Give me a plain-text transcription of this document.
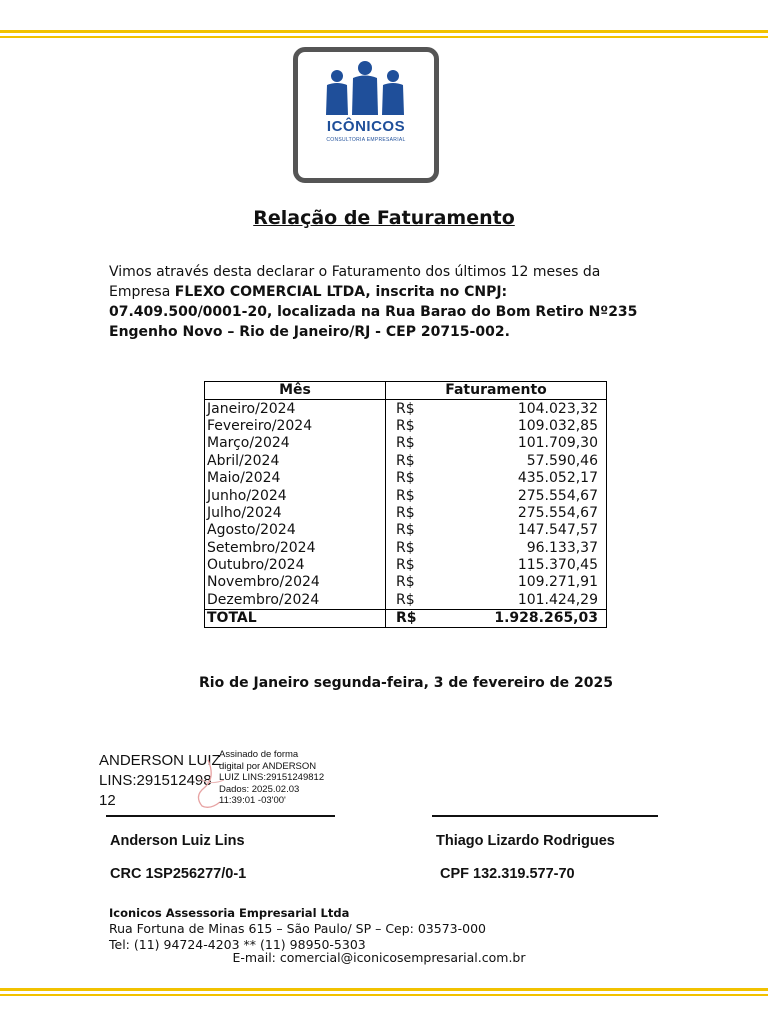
ICÔNICOS
CONSULTORIA EMPRESARIAL
Relação de Faturamento
Vimos através desta declarar o Faturamento dos últimos 12 meses da
Empresa FLEXO COMERCIAL LTDA, inscrita no CNPJ:
07.409.500/0001-20, localizada na Rua Barao do Bom Retiro Nº235
Engenho Novo – Rio de Janeiro/RJ - CEP 20715-002.
Mês	Faturamento
Janeiro/2024	R$ 104.023,32

Fevereiro/2024	R$ 109.032,85

Março/2024	R$ 101.709,30

Abril/2024	R$ 57.590,46

Maio/2024	R$ 435.052,17

Junho/2024	R$ 275.554,67

Julho/2024	R$ 275.554,67

Agosto/2024	R$ 147.547,57

Setembro/2024	R$ 96.133,37

Outubro/2024	R$ 115.370,45

Novembro/2024	R$ 109.271,91

Dezembro/2024	R$ 101.424,29

TOTAL	R$ 1.928.265,03
Rio de Janeiro segunda-feira, 3 de fevereiro de 2025
ANDERSON LUIZ
LINS:291512498
12
Assinado de forma
digital por ANDERSON
LUIZ LINS:29151249812
Dados: 2025.02.03
11:39:01 -03'00'
Anderson Luiz Lins	Thiago Lizardo Rodrigues
CRC 1SP256277/0-1	CPF 132.319.577-70
Iconicos Assessoria Empresarial Ltda
Rua Fortuna de Minas 615 – São Paulo/ SP – Cep: 03573-000
Tel: (11) 94724-4203 ** (11) 98950-5303
E-mail: comercial@iconicosempresarial.com.br
